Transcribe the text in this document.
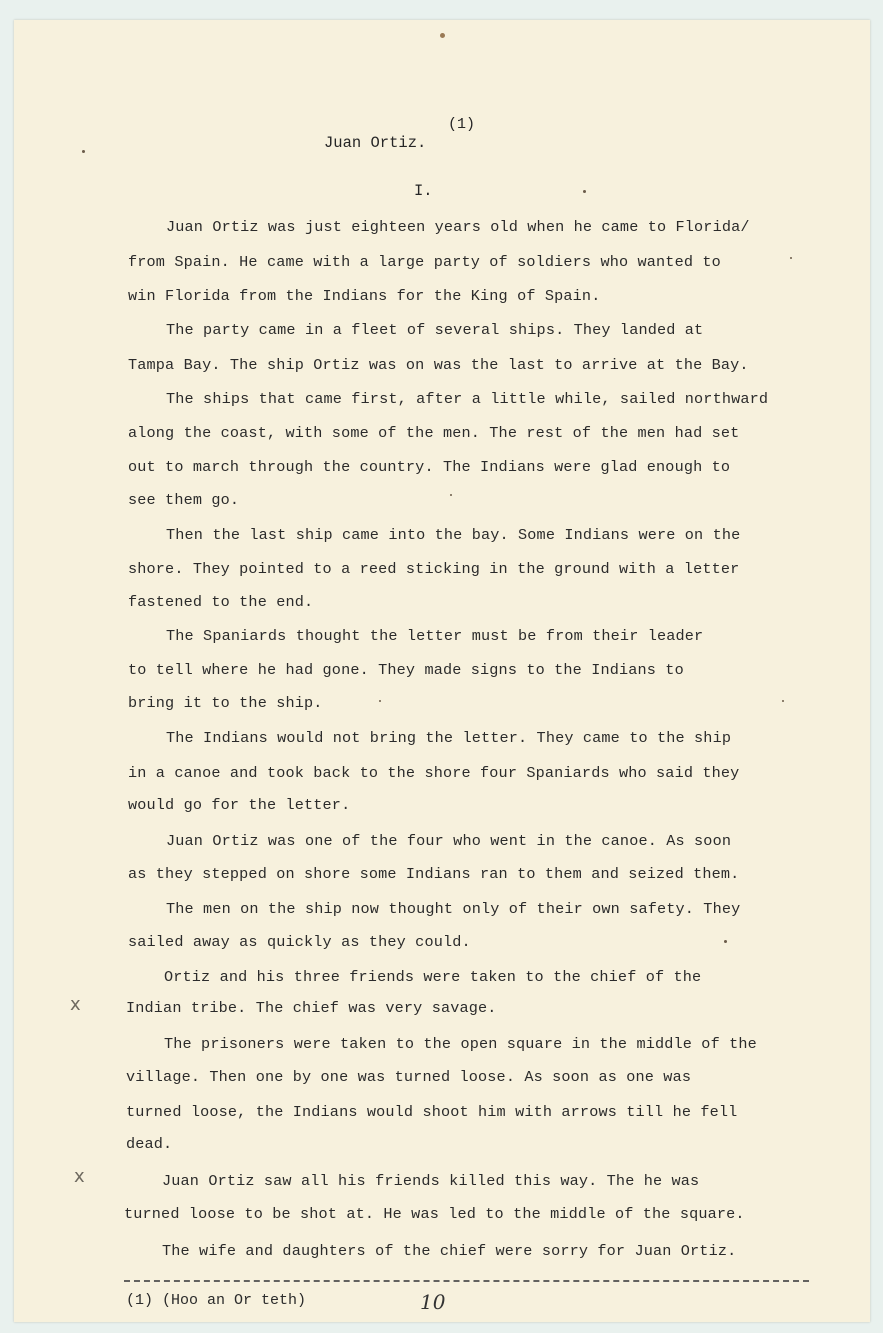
Juan Ortiz.
(1)
I.
Juan Ortiz was just eighteen years old when he came to Florida/
from Spain. He came with a large party of soldiers who wanted to
win Florida from the Indians for the King of Spain.
The party came in a fleet of several ships. They landed at
Tampa Bay. The ship Ortiz was on was the last to arrive at the Bay.
The ships that came first, after a little while, sailed northward
along the coast, with some of the men. The rest of the men had set
out to march through the country. The Indians were glad enough to
see them go.
Then the last ship came into the bay. Some Indians were on the
shore. They pointed to a reed sticking in the ground with a letter
fastened to the end.
The Spaniards thought the letter must be from their leader
to tell where he had gone. They made signs to the Indians to
bring it to the ship.
The Indians would not bring the letter. They came to the ship
in a canoe and took back to the shore four Spaniards who said they
would go for the letter.
Juan Ortiz was one of the four who went in the canoe. As soon
as they stepped on shore some Indians ran to them and seized them.
The men on the ship now thought only of their own safety. They
sailed away as quickly as they could.
Ortiz and his three friends were taken to the chief of the
Indian tribe. The chief was very savage.
The prisoners were taken to the open square in the middle of the
village. Then one by one was turned loose. As soon as one was
turned loose, the Indians would shoot him with arrows till he fell
dead.
Juan Ortiz saw all his friends killed this way. The he was
turned loose to be shot at. He was led to the middle of the square.
The wife and daughters of the chief were sorry for Juan Ortiz.
(1) (Hoo an Or teth)	10
x
x
